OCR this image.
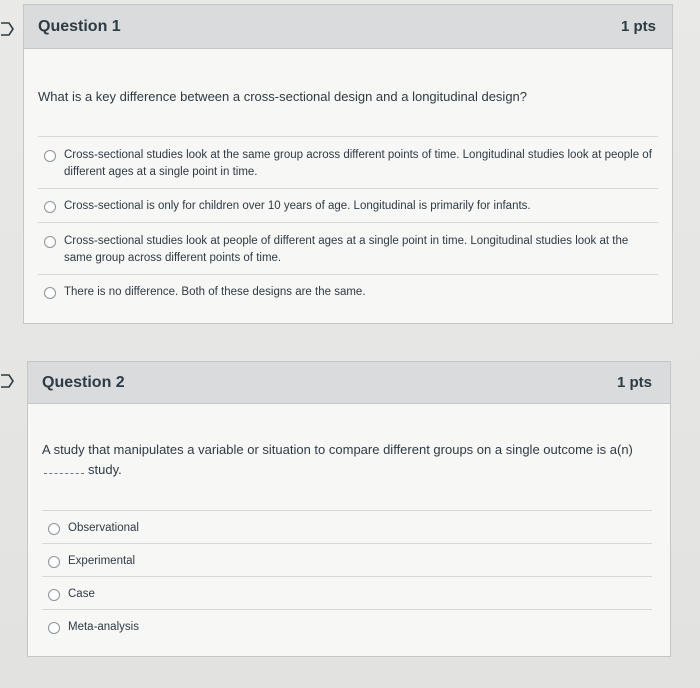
Question 1	1 pts
What is a key difference between a cross-sectional design and a longitudinal design?
Cross-sectional studies look at the same group across different points of time. Longitudinal studies look at people of different ages at a single point in time.
Cross-sectional is only for children over 10 years of age. Longitudinal is primarily for infants.
Cross-sectional studies look at people of different ages at a single point in time. Longitudinal studies look at the same group across different points of time.
There is no difference. Both of these designs are the same.
Question 2	1 pts
A study that manipulates a variable or situation to compare different groups on a single outcome is a(n)study.
Observational
Experimental
Case
Meta-analysis
